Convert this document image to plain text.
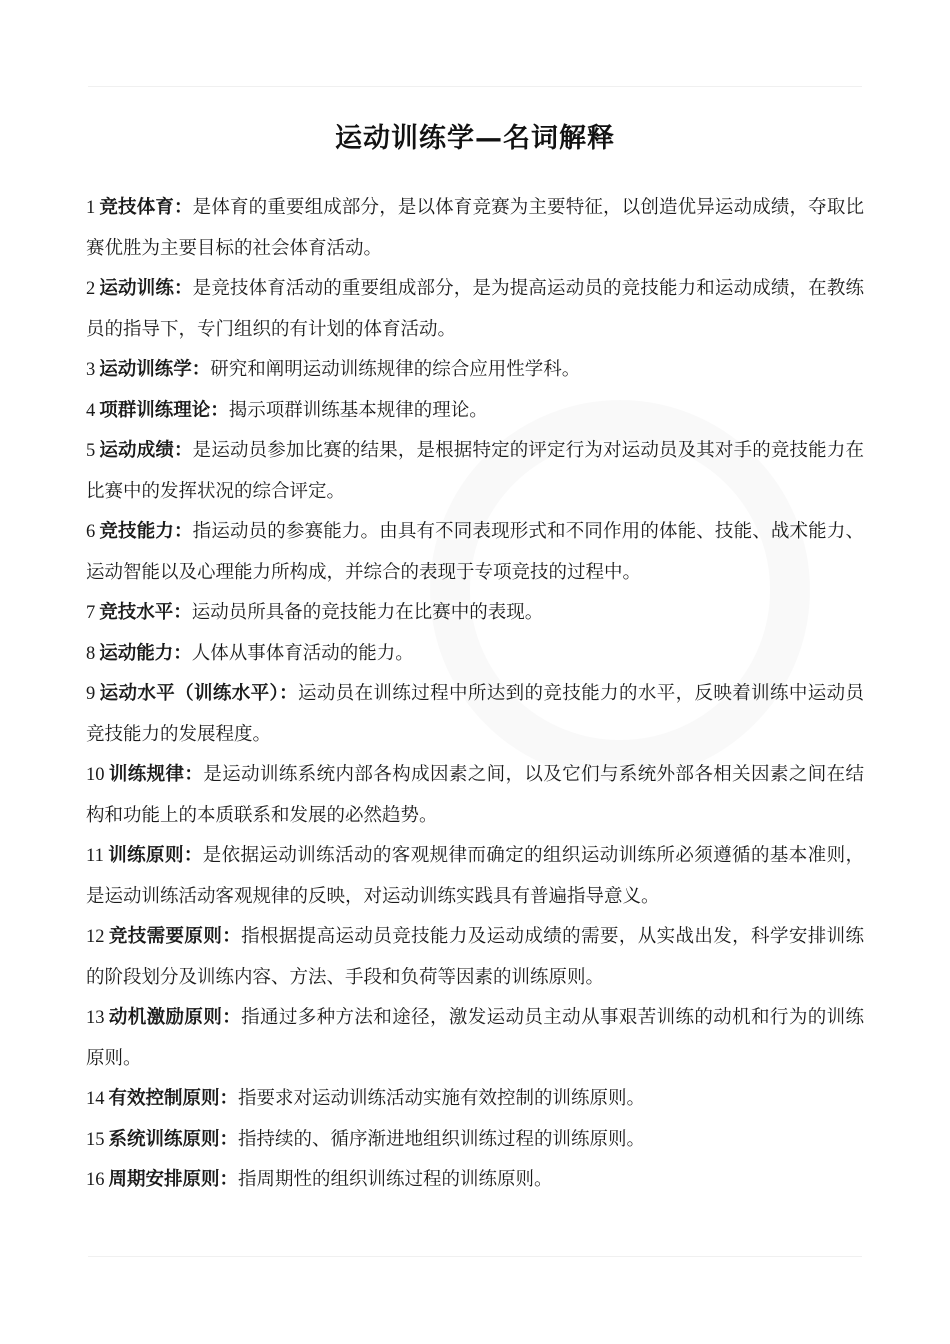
运动训练学—名词解释

1 竞技体育：是体育的重要组成部分，是以体育竞赛为主要特征，以创造优异运动成绩，夺取比赛优胜为主要目标的社会体育活动。

2 运动训练：是竞技体育活动的重要组成部分，是为提高运动员的竞技能力和运动成绩，在教练员的指导下，专门组织的有计划的体育活动。

3 运动训练学：研究和阐明运动训练规律的综合应用性学科。

4 项群训练理论：揭示项群训练基本规律的理论。

5 运动成绩：是运动员参加比赛的结果，是根据特定的评定行为对运动员及其对手的竞技能力在比赛中的发挥状况的综合评定。

6 竞技能力：指运动员的参赛能力。由具有不同表现形式和不同作用的体能、技能、战术能力、运动智能以及心理能力所构成，并综合的表现于专项竞技的过程中。

7 竞技水平：运动员所具备的竞技能力在比赛中的表现。

8 运动能力：人体从事体育活动的能力。

9 运动水平（训练水平）：运动员在训练过程中所达到的竞技能力的水平，反映着训练中运动员竞技能力的发展程度。

10 训练规律：是运动训练系统内部各构成因素之间，以及它们与系统外部各相关因素之间在结构和功能上的本质联系和发展的必然趋势。

11 训练原则：是依据运动训练活动的客观规律而确定的组织运动训练所必须遵循的基本准则，是运动训练活动客观规律的反映，对运动训练实践具有普遍指导意义。

12 竞技需要原则：指根据提高运动员竞技能力及运动成绩的需要，从实战出发，科学安排训练的阶段划分及训练内容、方法、手段和负荷等因素的训练原则。

13 动机激励原则：指通过多种方法和途径，激发运动员主动从事艰苦训练的动机和行为的训练原则。

14 有效控制原则：指要求对运动训练活动实施有效控制的训练原则。

15 系统训练原则：指持续的、循序渐进地组织训练过程的训练原则。

16 周期安排原则：指周期性的组织训练过程的训练原则。
